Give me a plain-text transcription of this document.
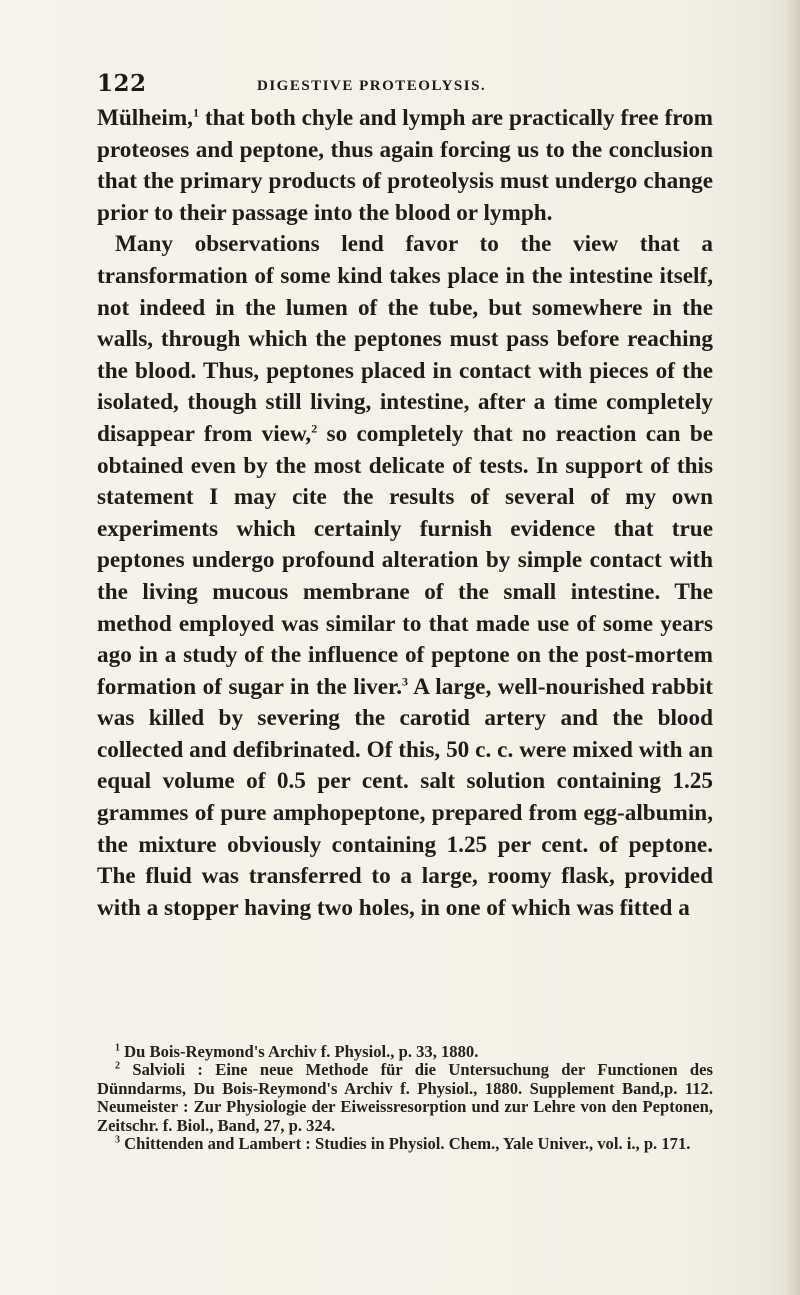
122	DIGESTIVE PROTEOLYSIS.

Mülheim,$^1$ that both chyle and lymph are practically free from proteoses and peptone, thus again forcing us to the conclusion that the primary products of proteolysis must undergo change prior to their passage into the blood or lymph.

Many observations lend favor to the view that a transformation of some kind takes place in the intestine itself, not indeed in the lumen of the tube, but somewhere in the walls, through which the peptones must pass before reaching the blood. Thus, peptones placed in contact with pieces of the isolated, though still living, intestine, after a time completely disappear from view,$^2$ so completely that no reaction can be obtained even by the most delicate of tests. In support of this statement I may cite the results of several of my own experiments which certainly furnish evidence that true peptones undergo profound alteration by simple contact with the living mucous membrane of the small intestine. The method employed was similar to that made use of some years ago in a study of the influence of peptone on the post-mortem formation of sugar in the liver.$^3$ A large, well-nourished rabbit was killed by severing the carotid artery and the blood collected and defibrinated. Of this, 50 c. c. were mixed with an equal volume of 0.5 per cent. salt solution containing 1.25 grammes of pure amphopeptone, prepared from egg-albumin, the mixture obviously containing 1.25 per cent. of peptone. The fluid was transferred to a large, roomy flask, provided with a stopper having two holes, in one of which was fitted a

$^1$ Du Bois-Reymond's Archiv f. Physiol., p. 33, 1880.

$^2$ Salvioli : Eine neue Methode für die Untersuchung der Functionen des Dünndarms, Du Bois-Reymond's Archiv f. Physiol., 1880. Supplement Band,p. 112. Neumeister : Zur Physiologie der Eiweissresorption und zur Lehre von den Peptonen, Zeitschr. f. Biol., Band, 27, p. 324.

$^3$ Chittenden and Lambert : Studies in Physiol. Chem., Yale Univer., vol. i., p. 171.
